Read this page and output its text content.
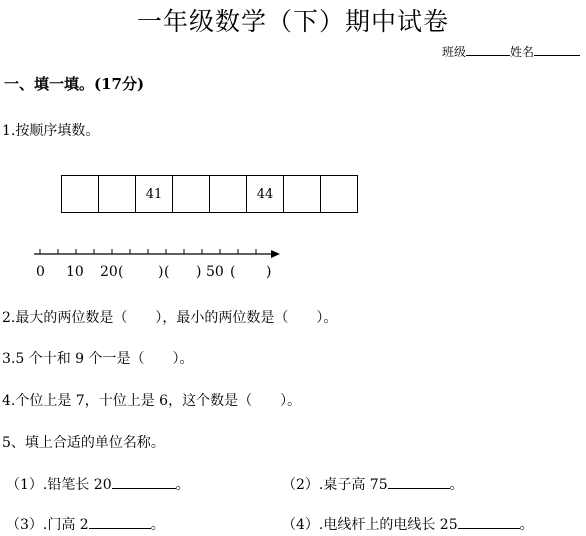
一年级数学（下）期中试卷
班级	姓名
一、填一填。(17分)
1.按顺序填数。
41	44
0 10 20 ( ) ( ) 50 ( )
2.最大的两位数是（　　），最小的两位数是（　　）。
3.5 个十和 9 个一是（　　）。
4.个位上是 7，十位上是 6，这个数是（　　）。
5、填上合适的单位名称。
（1）.铅笔长 20	。	（2）.桌子高 75	。
（3）.门高 2	。	（4）.电线杆上的电线长 25	。
